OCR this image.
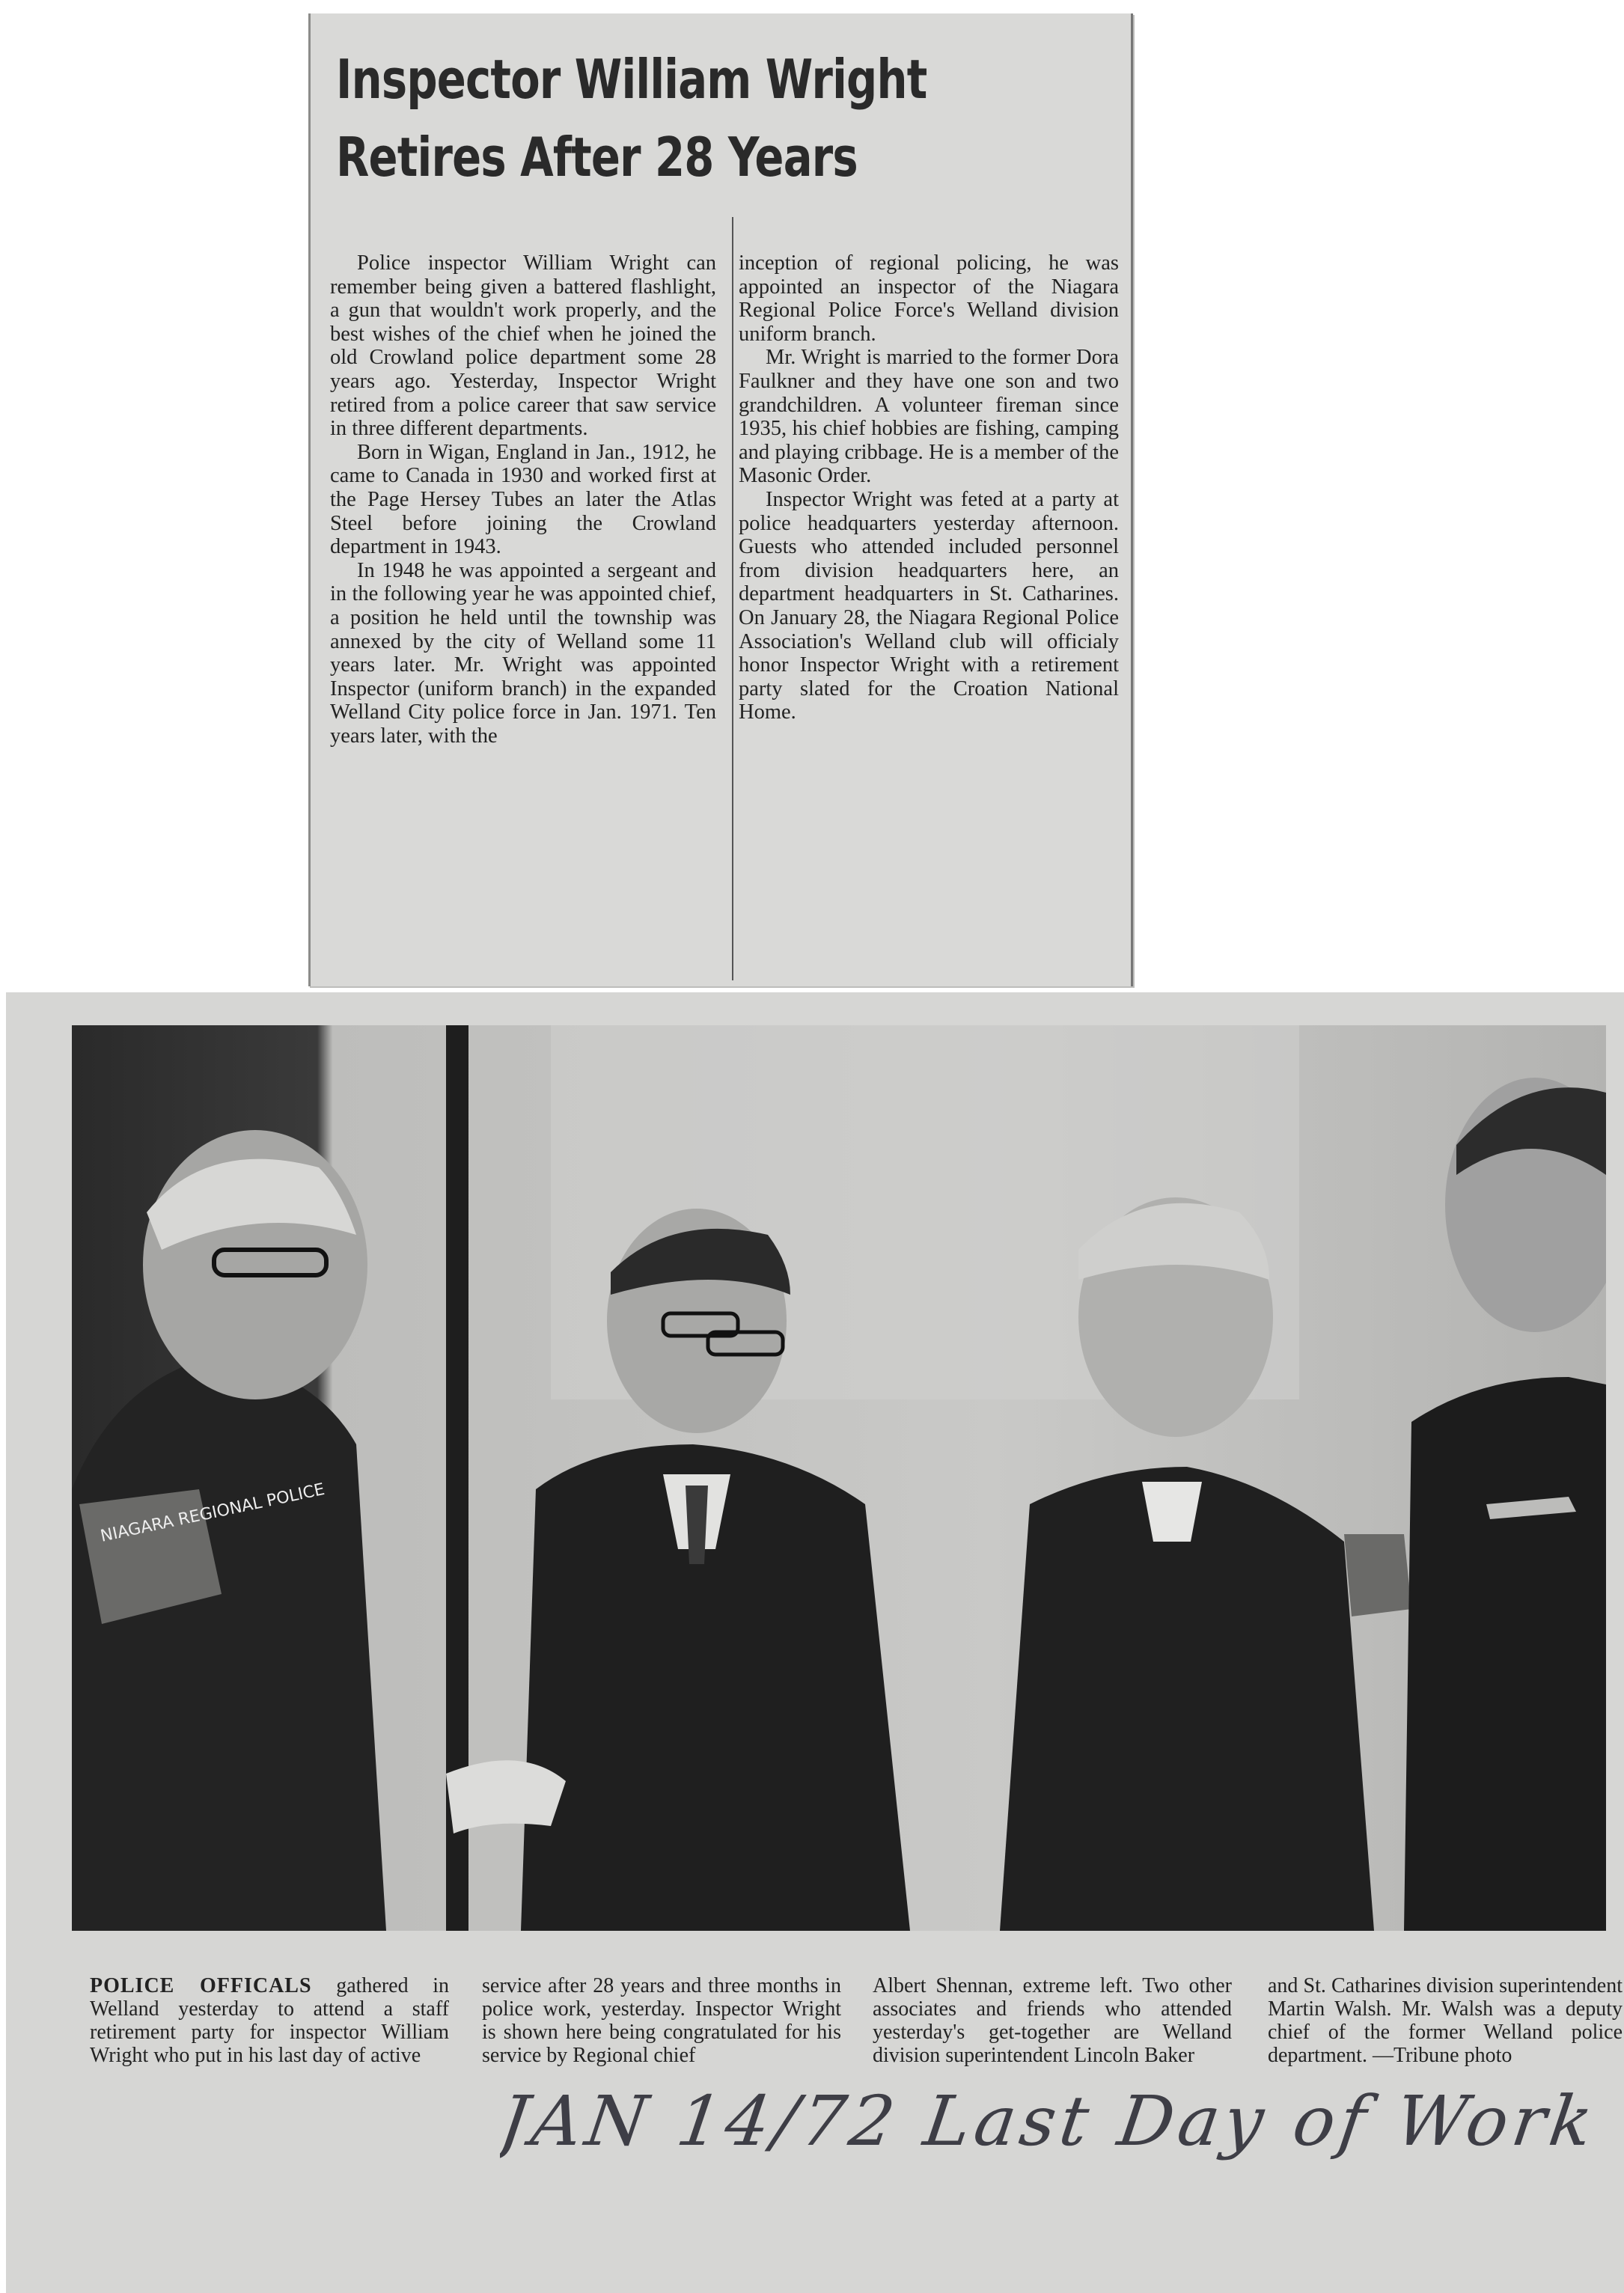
Inspector William Wright
Retires After 28 Years

Police inspector William Wright can remember being given a battered flashlight, a gun that wouldn't work properly, and the best wishes of the chief when he joined the old Crowland police department some 28 years ago. Yesterday, Inspector Wright retired from a police career that saw service in three different departments.

Born in Wigan, England in Jan., 1912, he came to Canada in 1930 and worked first at the Page Hersey Tubes an later the Atlas Steel before joining the Crowland department in 1943.

In 1948 he was appointed a sergeant and in the following year he was appointed chief, a position he held until the township was annexed by the city of Welland some 11 years later. Mr. Wright was appointed Inspector (uniform branch) in the expanded Welland City police force in Jan. 1971. Ten years later, with the

inception of regional policing, he was appointed an inspector of the Niagara Regional Police Force's Welland division uniform branch.

Mr. Wright is married to the former Dora Faulkner and they have one son and two grandchildren. A volunteer fireman since 1935, his chief hobbies are fishing, camping and playing cribbage. He is a member of the Masonic Order.

Inspector Wright was feted at a party at police headquarters yesterday afternoon. Guests who attended included personnel from division headquarters here, an department headquarters in St. Catharines. On January 28, the Niagara Regional Police Association's Welland club will officialy honor Inspector Wright with a retirement party slated for the Croation National Home.

NIAGARA REGIONAL POLICE
POLICE OFFICALS gathered in Welland yesterday to attend a staff retirement party for inspector William Wright who put in his last day of active
service after 28 years and three months in police work, yesterday. Inspector Wright is shown here being congratulated for his service by Regional chief
Albert Shennan, extreme left. Two other associates and friends who attended yesterday's get-together are Welland division superintendent Lincoln Baker
and St. Catharines division superintendent Martin Walsh. Mr. Walsh was a deputy chief of the former Welland police department. —Tribune photo
JAN 14/72 Last Day of Work
